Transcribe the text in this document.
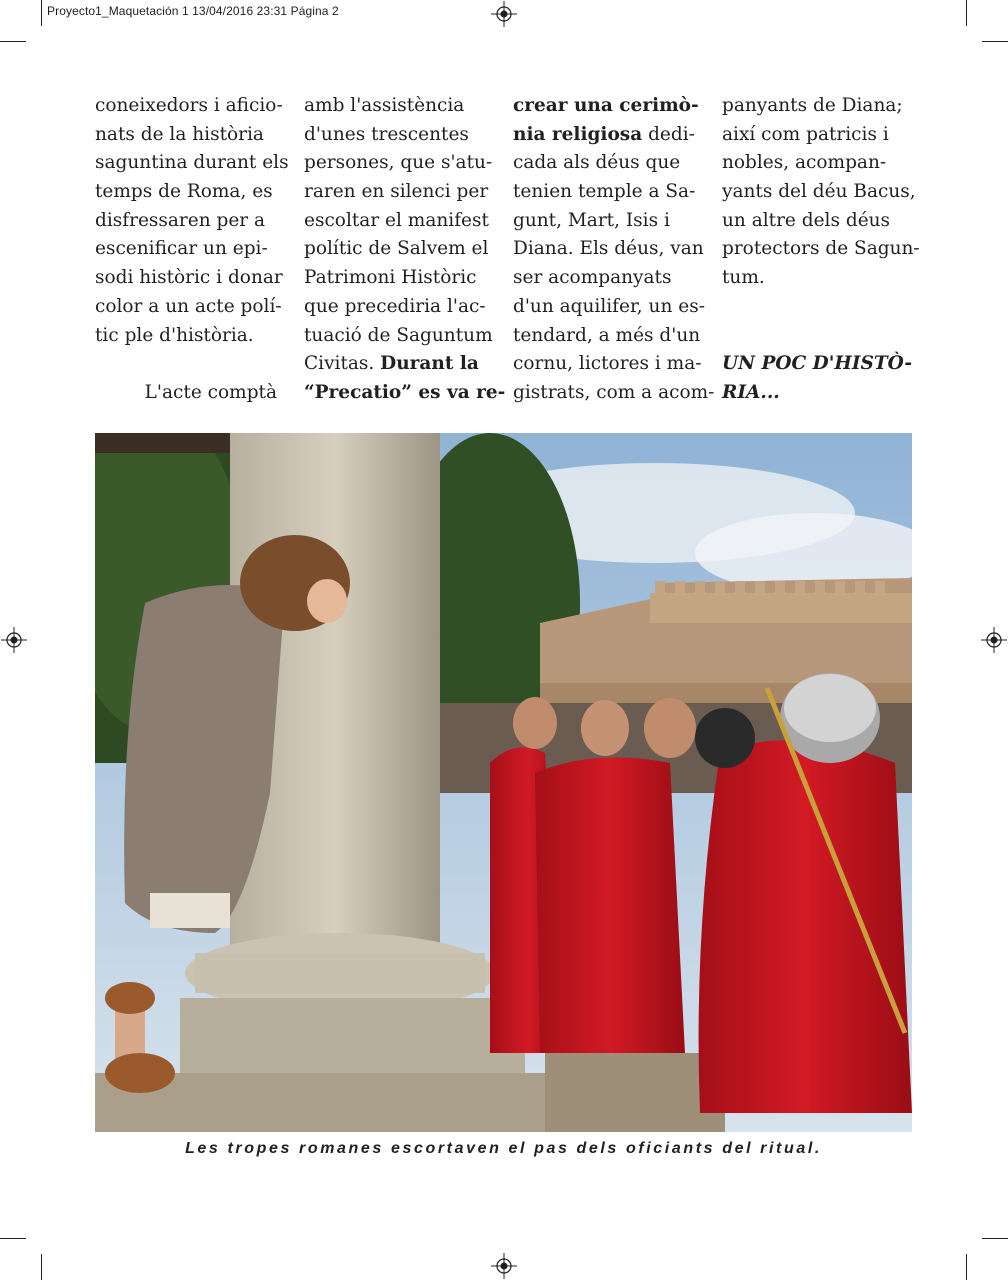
Proyecto1_Maquetación 1 13/04/2016 23:31 Página 2
coneixedors i aficio-
nats de la història
saguntina durant els
temps de Roma, es
disfressaren per a
escenificar un epi-
sodi històric i donar
color a un acte polí-
tic ple d'història.
L'acte comptà
amb l'assistència
d'unes trescentes
persones, que s'atu-
raren en silenci per
escoltar el manifest
polític de Salvem el
Patrimoni Històric
que precediria l'ac-
tuació de Saguntum
Civitas. Durant la
“Precatio” es va re-
crear una cerimò-
nia religiosa dedi-
cada als déus que
tenien temple a Sa-
gunt, Mart, Isis i
Diana. Els déus, van
ser acompanyats
d'un aquilifer, un es-
tendard, a més d'un
cornu, lictores i ma-
gistrats, com a acom-
panyants de Diana;
així com patricis i
nobles, acompan-
yants del déu Bacus,
un altre dels déus
protectors de Sagun-
tum.
UN POC D'HISTÒ-
RIA...
Les tropes romanes escortaven el pas dels oficiants del ritual.
